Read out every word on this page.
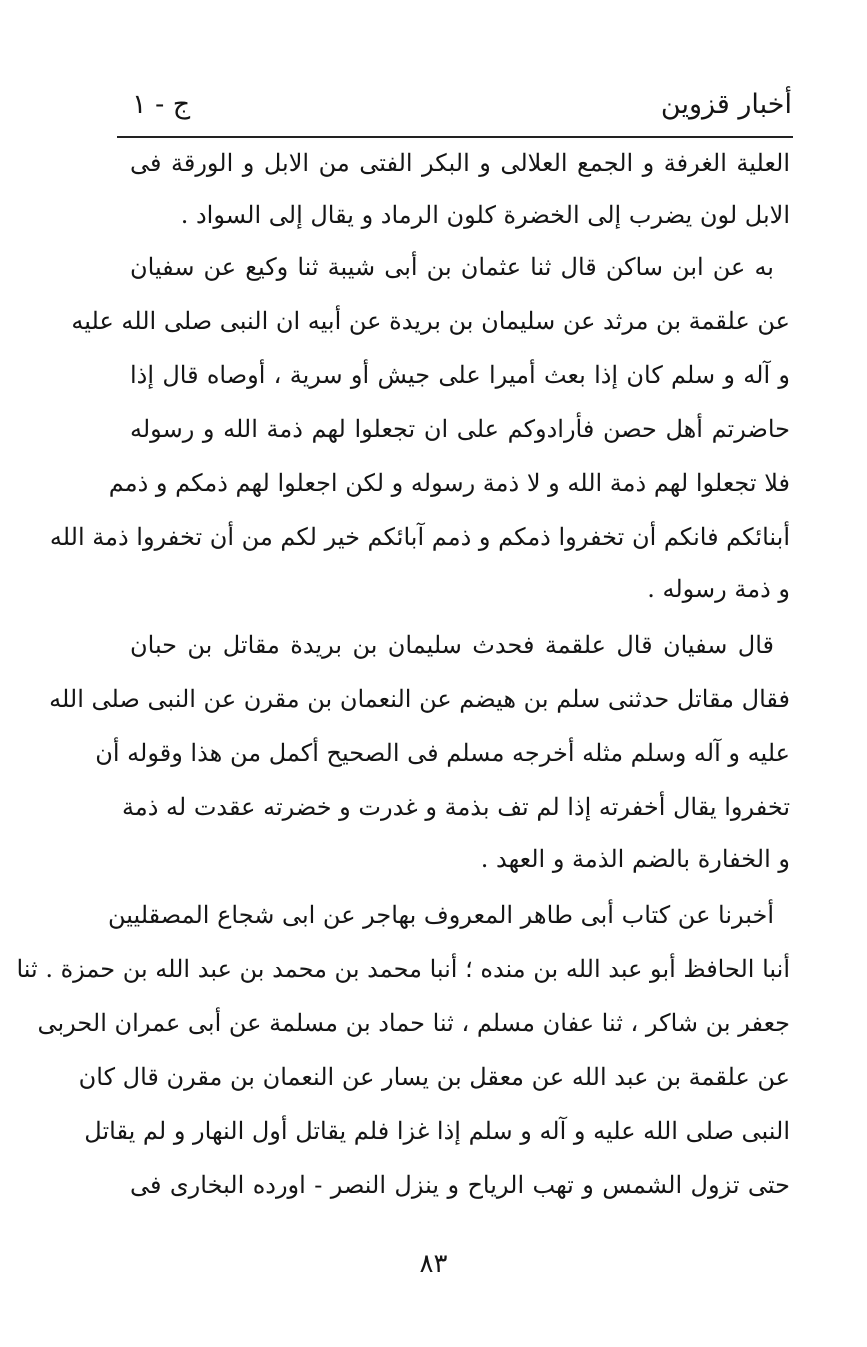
أخبار قزوين
ج - ١
العلية الغرفة و الجمع العلالى و البكر الفتى من الابل و الورقة فى
الابل لون يضرب إلى الخضرة كلون الرماد و يقال إلى السواد .
به عن ابن ساكن قال ثنا عثمان بن أبى شيبة ثنا وكيع عن سفيان
عن علقمة بن مرثد عن سليمان بن بريدة عن أبيه ان النبى صلى الله عليه
و آله و سلم كان إذا بعث أميرا على جيش أو سرية ، أوصاه قال إذا
حاضرتم أهل حصن فأرادوكم على ان تجعلوا لهم ذمة الله و رسوله
فلا تجعلوا لهم ذمة الله و لا ذمة رسوله و لكن اجعلوا لهم ذمكم و ذمم
أبنائكم فانكم أن تخفروا ذمكم و ذمم آبائكم خير لكم من أن تخفروا ذمة الله
و ذمة رسوله .
قال سفيان قال علقمة فحدث سليمان بن بريدة مقاتل بن حبان
فقال مقاتل حدثنى سلم بن هيضم عن النعمان بن مقرن عن النبى صلى الله
عليه و آله وسلم مثله أخرجه مسلم فى الصحيح أكمل من هذا وقوله أن
تخفروا يقال أخفرته إذا لم تف بذمة و غدرت و خضرته عقدت له ذمة
و الخفارة بالضم الذمة و العهد .
أخبرنا عن كتاب أبى طاهر المعروف بهاجر عن ابى شجاع المصقليين
أنبا الحافظ أبو عبد الله بن منده ؛ أنبا محمد بن محمد بن عبد الله بن حمزة . ثنا
جعفر بن شاكر ، ثنا عفان مسلم ، ثنا حماد بن مسلمة عن أبى عمران الحربى
عن علقمة بن عبد الله عن معقل بن يسار عن النعمان بن مقرن قال كان
النبى صلى الله عليه و آله و سلم إذا غزا فلم يقاتل أول النهار و لم يقاتل
حتى تزول الشمس و تهب الرياح و ينزل النصر - اورده البخارى فى
٨٣
